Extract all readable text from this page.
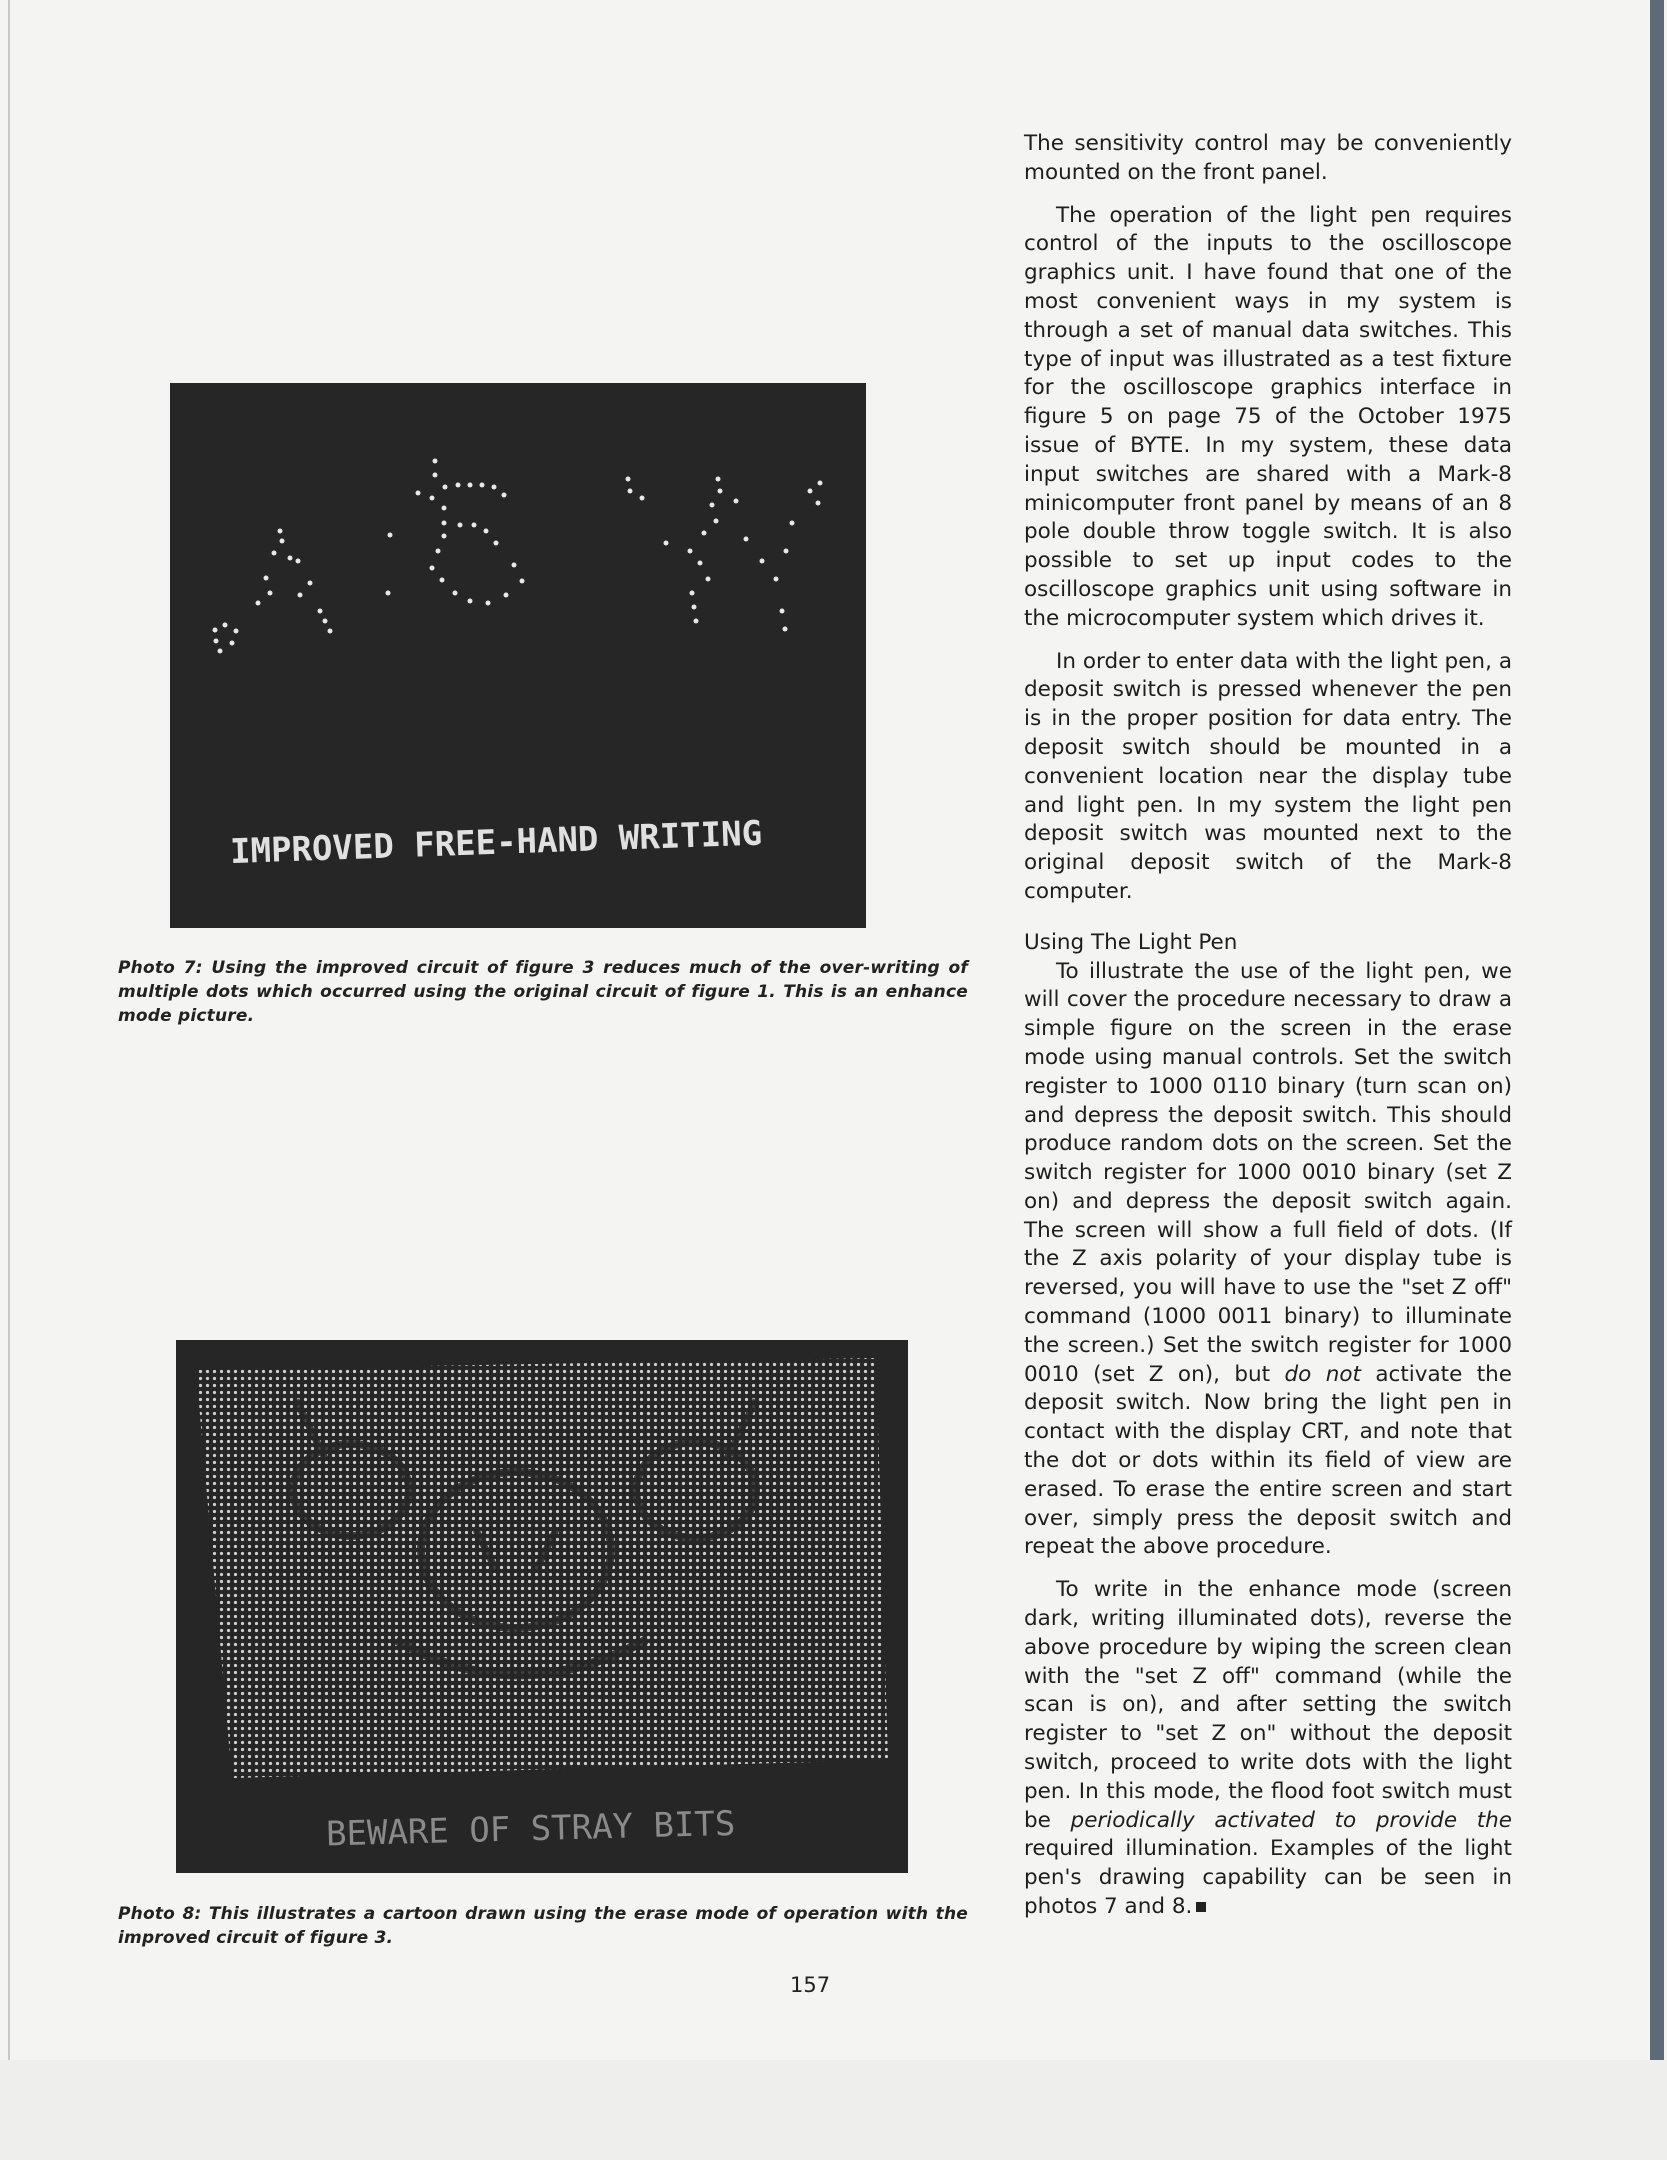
IMPROVED FREE-HAND WRITING
Photo 7: Using the improved circuit of figure 3 reduces much of the over-writing of multiple dots which occurred using the original circuit of figure 1. This is an enhance mode picture.
BEWARE OF STRAY BITS
Photo 8: This illustrates a cartoon drawn using the erase mode of operation with the improved circuit of figure 3.

The sensitivity control may be conveniently mounted on the front panel.

The operation of the light pen requires control of the inputs to the oscilloscope graphics unit. I have found that one of the most convenient ways in my system is through a set of manual data switches. This type of input was illustrated as a test fixture for the oscilloscope graphics interface in figure 5 on page 75 of the October 1975 issue of BYTE. In my system, these data input switches are shared with a Mark-8 minicomputer front panel by means of an 8 pole double throw toggle switch. It is also possible to set up input codes to the oscilloscope graphics unit using software in the microcomputer system which drives it.

In order to enter data with the light pen, a deposit switch is pressed whenever the pen is in the proper position for data entry. The deposit switch should be mounted in a convenient location near the display tube and light pen. In my system the light pen deposit switch was mounted next to the original deposit switch of the Mark-8 computer.

Using The Light Pen

To illustrate the use of the light pen, we will cover the procedure necessary to draw a simple figure on the screen in the erase mode using manual controls. Set the switch register to 1000 0110 binary (turn scan on) and depress the deposit switch. This should produce random dots on the screen. Set the switch register for 1000 0010 binary (set Z on) and depress the deposit switch again. The screen will show a full field of dots. (If the Z axis polarity of your display tube is reversed, you will have to use the "set Z off" command (1000 0011 binary) to illuminate the screen.) Set the switch register for 1000 0010 (set Z on), but do not activate the deposit switch. Now bring the light pen in contact with the display CRT, and note that the dot or dots within its field of view are erased. To erase the entire screen and start over, simply press the deposit switch and repeat the above procedure.

To write in the enhance mode (screen dark, writing illuminated dots), reverse the above procedure by wiping the screen clean with the "set Z off" command (while the scan is on), and after setting the switch register to "set Z on" without the deposit switch, proceed to write dots with the light pen. In this mode, the flood foot switch must be periodically activated to provide the required illumination. Examples of the light pen's drawing capability can be seen in photos 7 and 8.

157
